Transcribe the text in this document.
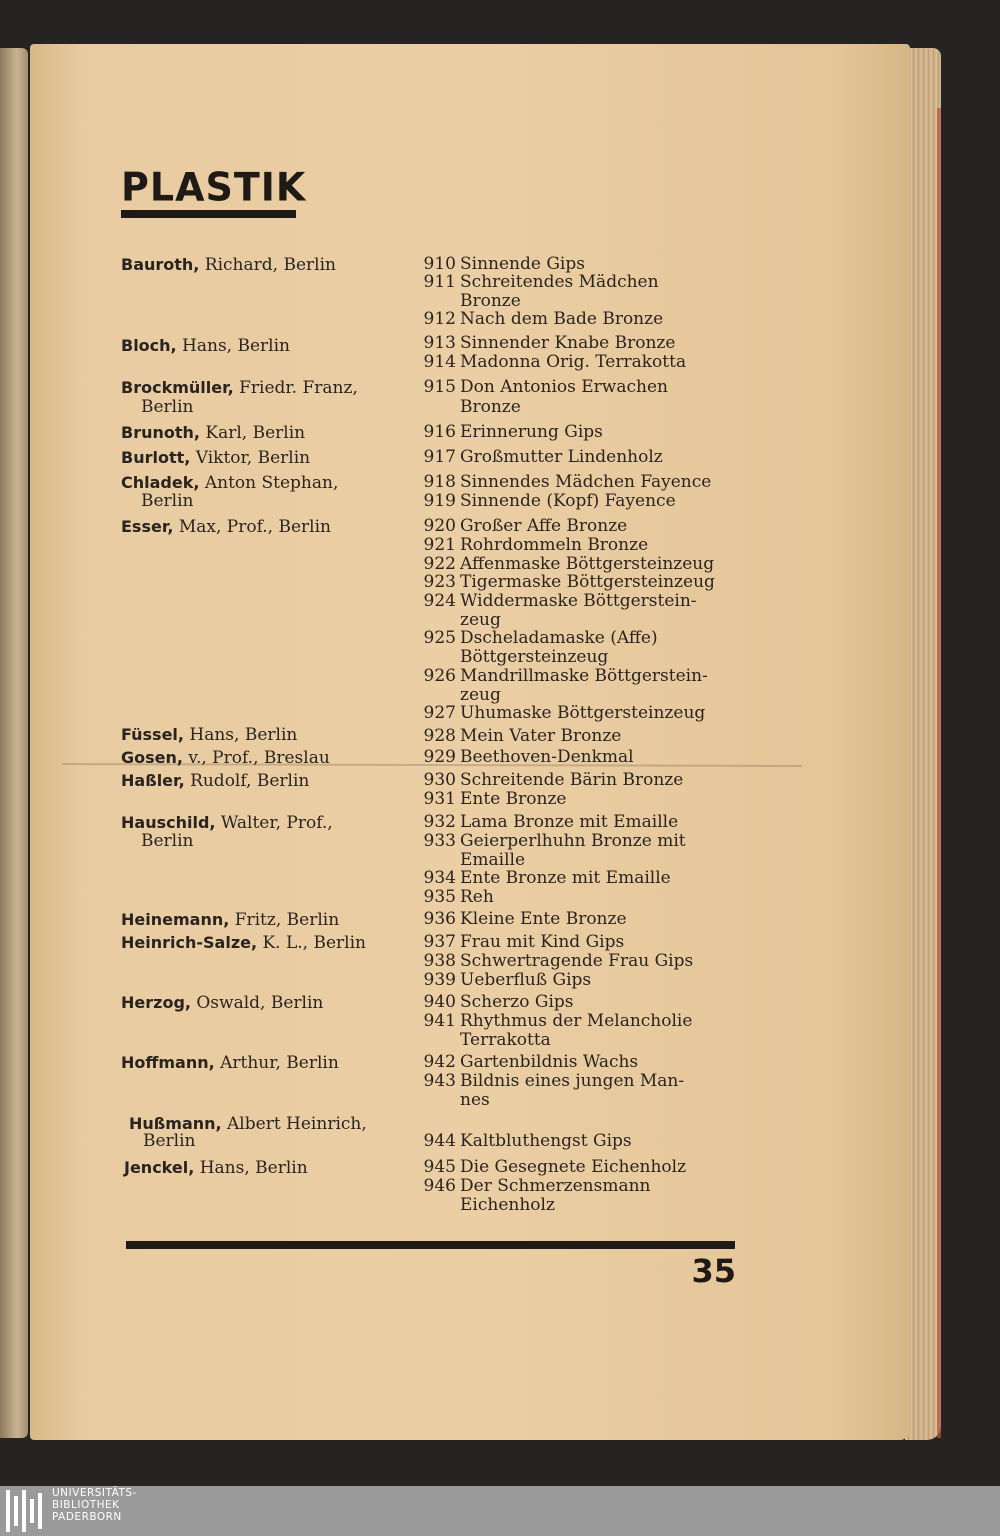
PLASTIK
Bauroth, Richard, Berlin
Bloch, Hans, Berlin
Brockmüller, Friedr. Franz,
Berlin
Brunoth, Karl, Berlin
Burlott, Viktor, Berlin
Chladek, Anton Stephan,
Berlin
Esser, Max, Prof., Berlin
Füssel, Hans, Berlin
Gosen, v., Prof., Breslau
Haßler, Rudolf, Berlin
Hauschild, Walter, Prof.,
Berlin
Heinemann, Fritz, Berlin
Heinrich-Salze, K. L., Berlin
Herzog, Oswald, Berlin
Hoffmann, Arthur, Berlin
Hußmann, Albert Heinrich,
Berlin
Jenckel, Hans, Berlin
910 Sinnende Gips
911 Schreitendes Mädchen
Bronze
912 Nach dem Bade Bronze
913 Sinnender Knabe Bronze
914 Madonna Orig. Terrakotta
915 Don Antonios Erwachen
Bronze
916 Erinnerung Gips
917 Großmutter Lindenholz
918 Sinnendes Mädchen Fayence
919 Sinnende (Kopf) Fayence
920 Großer Affe Bronze
921 Rohrdommeln Bronze
922 Affenmaske Böttgersteinzeug
923 Tigermaske Böttgersteinzeug
924 Widdermaske Böttgerstein-
zeug
925 Dscheladamaske (Affe)
Böttgersteinzeug
926 Mandrillmaske Böttgerstein-
zeug
927 Uhumaske Böttgersteinzeug
928 Mein Vater Bronze
929 Beethoven-Denkmal
930 Schreitende Bärin Bronze
931 Ente Bronze
932 Lama Bronze mit Emaille
933 Geierperlhuhn Bronze mit
Emaille
934 Ente Bronze mit Emaille
935 Reh
936 Kleine Ente Bronze
937 Frau mit Kind Gips
938 Schwertragende Frau Gips
939 Ueberfluß Gips
940 Scherzo Gips
941 Rhythmus der Melancholie
Terrakotta
942 Gartenbildnis Wachs
943 Bildnis eines jungen Man-
nes
944 Kaltbluthengst Gips
945 Die Gesegnete Eichenholz
946 Der Schmerzensmann
Eichenholz
35
UNIVERSITÄTS-
BIBLIOTHEK
PADERBORN
